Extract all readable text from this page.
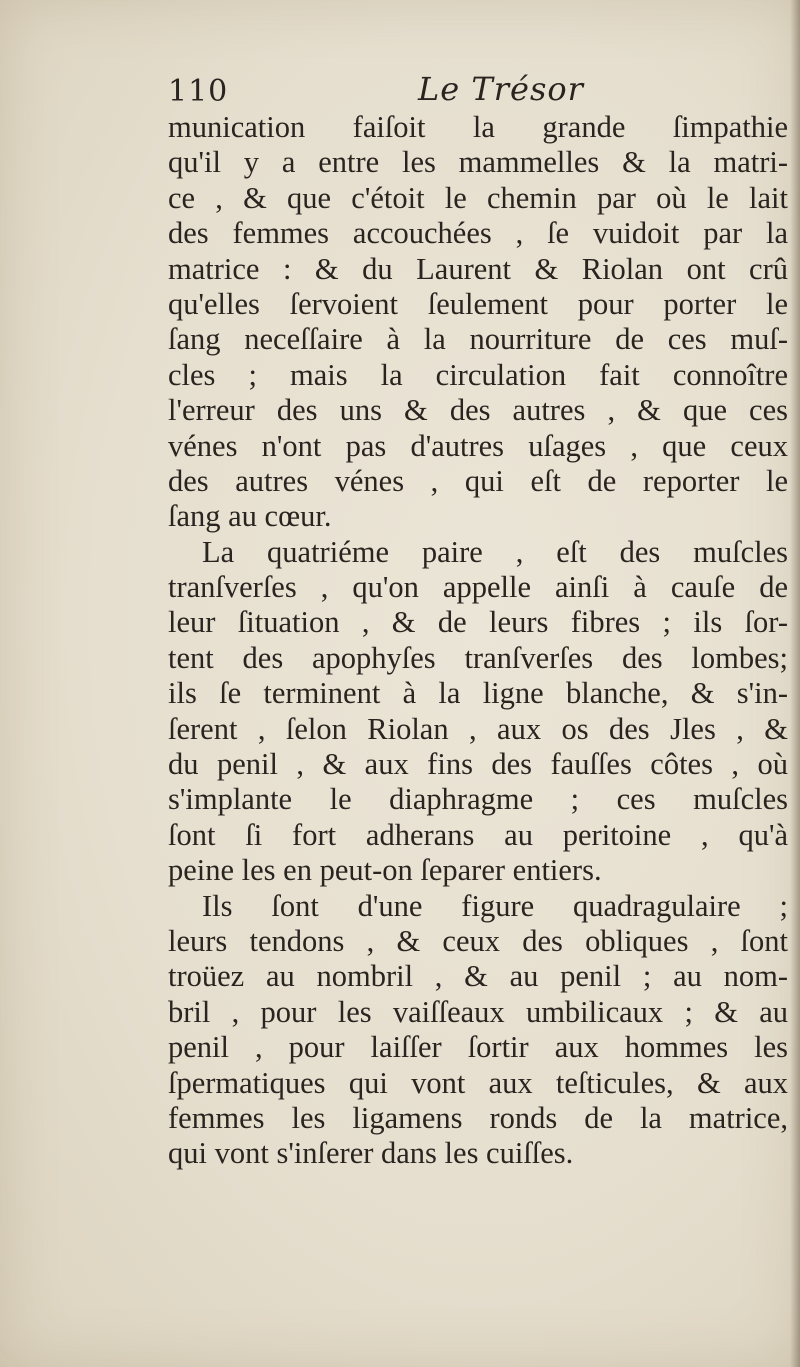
110	Le Trésor
munication faiſoit la grande ſimpathie
qu'il y a entre les mammelles & la matri-
ce , & que c'étoit le chemin par où le lait
des femmes accouchées , ſe vuidoit par la
matrice : & du Laurent & Riolan ont crû
qu'elles ſervoient ſeulement pour porter le
ſang neceſſaire à la nourriture de ces muſ-
cles ; mais la circulation fait connoître
l'erreur des uns & des autres , & que ces
vénes n'ont pas d'autres uſages , que ceux
des autres vénes , qui eſt de reporter le
ſang au cœur.
La quatriéme paire , eſt des muſcles
tranſverſes , qu'on appelle ainſi à cauſe de
leur ſituation , & de leurs fibres ; ils ſor-
tent des apophyſes tranſverſes des lombes;
ils ſe terminent à la ligne blanche, & s'in-
ſerent , ſelon Riolan , aux os des Jles , &
du penil , & aux fins des fauſſes côtes , où
s'implante le diaphragme ; ces muſcles
ſont ſi fort adherans au peritoine , qu'à
peine les en peut-on ſeparer entiers.
Ils ſont d'une figure quadragulaire ;
leurs tendons , & ceux des obliques , ſont
troüez au nombril , & au penil ; au nom-
bril , pour les vaiſſeaux umbilicaux ; & au
penil , pour laiſſer ſortir aux hommes les
ſpermatiques qui vont aux teſticules, & aux
femmes les ligamens ronds de la matrice,
qui vont s'inſerer dans les cuiſſes.
